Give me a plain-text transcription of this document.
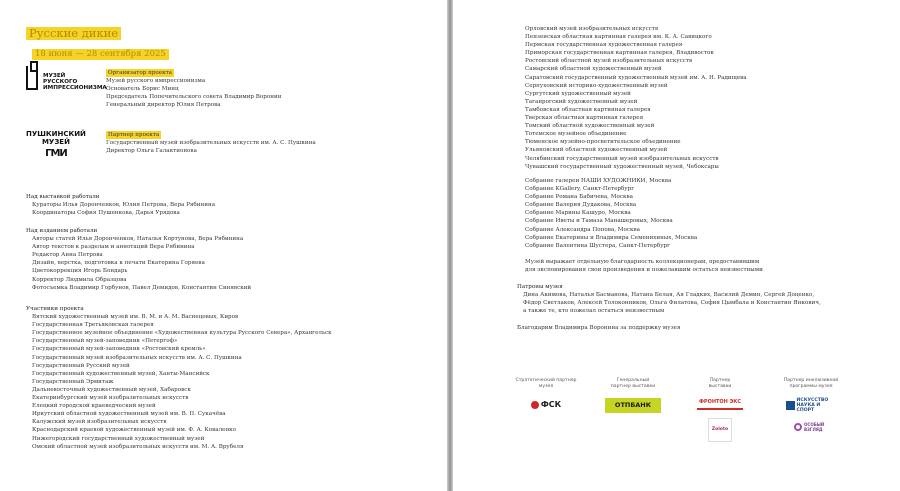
Русские дикие
18 июня — 28 сентября 2025
МУЗЕЙ
РУССКОГО
ИМПРЕССИОНИЗМА
Организатор проекта
Музей русского импрессионизма
Основатель Борис Минц
Председатель Попечительского совета Владимир Воронин
Генеральный директор Юлия Петрова
ПУШКИНСКИЙ
МУЗЕЙ
ГМИ
Партнер проекта
Государственный музей изобразительных искусств им. А. С. Пушкина
Директор Ольга Галактионова
Над выставкой работали
Кураторы Илья Доронченков, Юлия Петрова, Вера Рябинина
Координаторы София Пушенкова, Дарья Урядова
Над изданием работали
Авторы статей Илья Доронченков, Наталья Кортунова, Вера Рябинина
Автор текстов к разделам и аннотаций Вера Рябинина
Редактор Анна Петрова
Дизайн, верстка, подготовка к печати Екатерина Горяева
Цветокоррекция Игорь Бондарь
Корректор Людмила Образцова
Фотосъемка Владимир Горбунов, Павел Демидов, Константин Синявский
Участники проекта
Вятский художественный музей им. В. М. и А. М. Васнецовых, Киров
Государственная Третьяковская галерея
Государственное музейное объединение «Художественная культура Русского Севера», Архангельск
Государственный музей-заповедник «Петергоф»
Государственный музей-заповедник «Ростовский кремль»
Государственный музей изобразительных искусств им. А. С. Пушкина
Государственный Русский музей
Государственный художественный музей, Ханты-Мансийск
Государственный Эрмитаж
Дальневосточный художественный музей, Хабаровск
Екатеринбургский музей изобразительных искусств
Елецкий городской краеведческий музей
Иркутский областной художественный музей им. В. П. Сукачёва
Калужский музей изобразительных искусств
Краснодарский краевой художественный музей им. Ф. А. Коваленко
Нижегородский государственный художественный музей
Омский областной музей изобразительных искусств им. М. А. Врубеля
Орловский музей изобразительных искусств
Пензенская областная картинная галерея им. К. А. Савицкого
Пермская государственная художественная галерея
Приморская государственная картинная галерея, Владивосток
Ростовский областной музей изобразительных искусств
Самарский областной художественный музей
Саратовский государственный художественный музей им. А. Н. Радищева
Серпуховский историко-художественный музей
Сургутский художественный музей
Таганрогский художественный музей
Тамбовская областная картинная галерея
Тверская областная картинная галерея
Томский областной художественный музей
Тотемское музейное объединение
Тюменское музейно-просветительское объединение
Ульяновский областной художественный музей
Челябинский государственный музей изобразительных искусств
Чувашский государственный художественный музей, Чебоксары
Собрание галереи НАШИ ХУДОЖНИКИ, Москва
Собрание KGallery, Санкт-Петербург
Собрание Романа Бабичева, Москва
Собрание Валерия Дудакова, Москва
Собрание Марины Кашуро, Москва
Собрание Иветы и Тамаза Манашеровых, Москва
Собрание Александра Попова, Москва
Собрание Екатерины и Владимира Семенихиных, Москва
Собрание Валентина Шустера, Санкт-Петербург
Музей выражает отдельную благодарность коллекционерам, предоставившим
для экспонирования свои произведения и пожелавшим остаться неизвестными
Патроны музея
Дина Акимова, Наталья Басманова, Натана Белая, Ая Гладких, Василий Демин, Сергей Доценко,
Фёдор Светлаков, Алексей Толоконников, Ольга Филатова, София Цымбала и Константин Янкович,
а также те, кто пожелал остаться неизвестным
Благодарим Владимира Воронина за поддержку музея
Стратегический партнер
музея
ФСК
Генеральный
партнер выставки
ОТПБАНК
Партнер
выставки
ФРОНТОН ЭКС
Zoloto
Партнер инклюзивной
программы музея
ИСКУССТВО НАУКА И СПОРТ
ОСОБЫЙ ВЗГЛЯД
